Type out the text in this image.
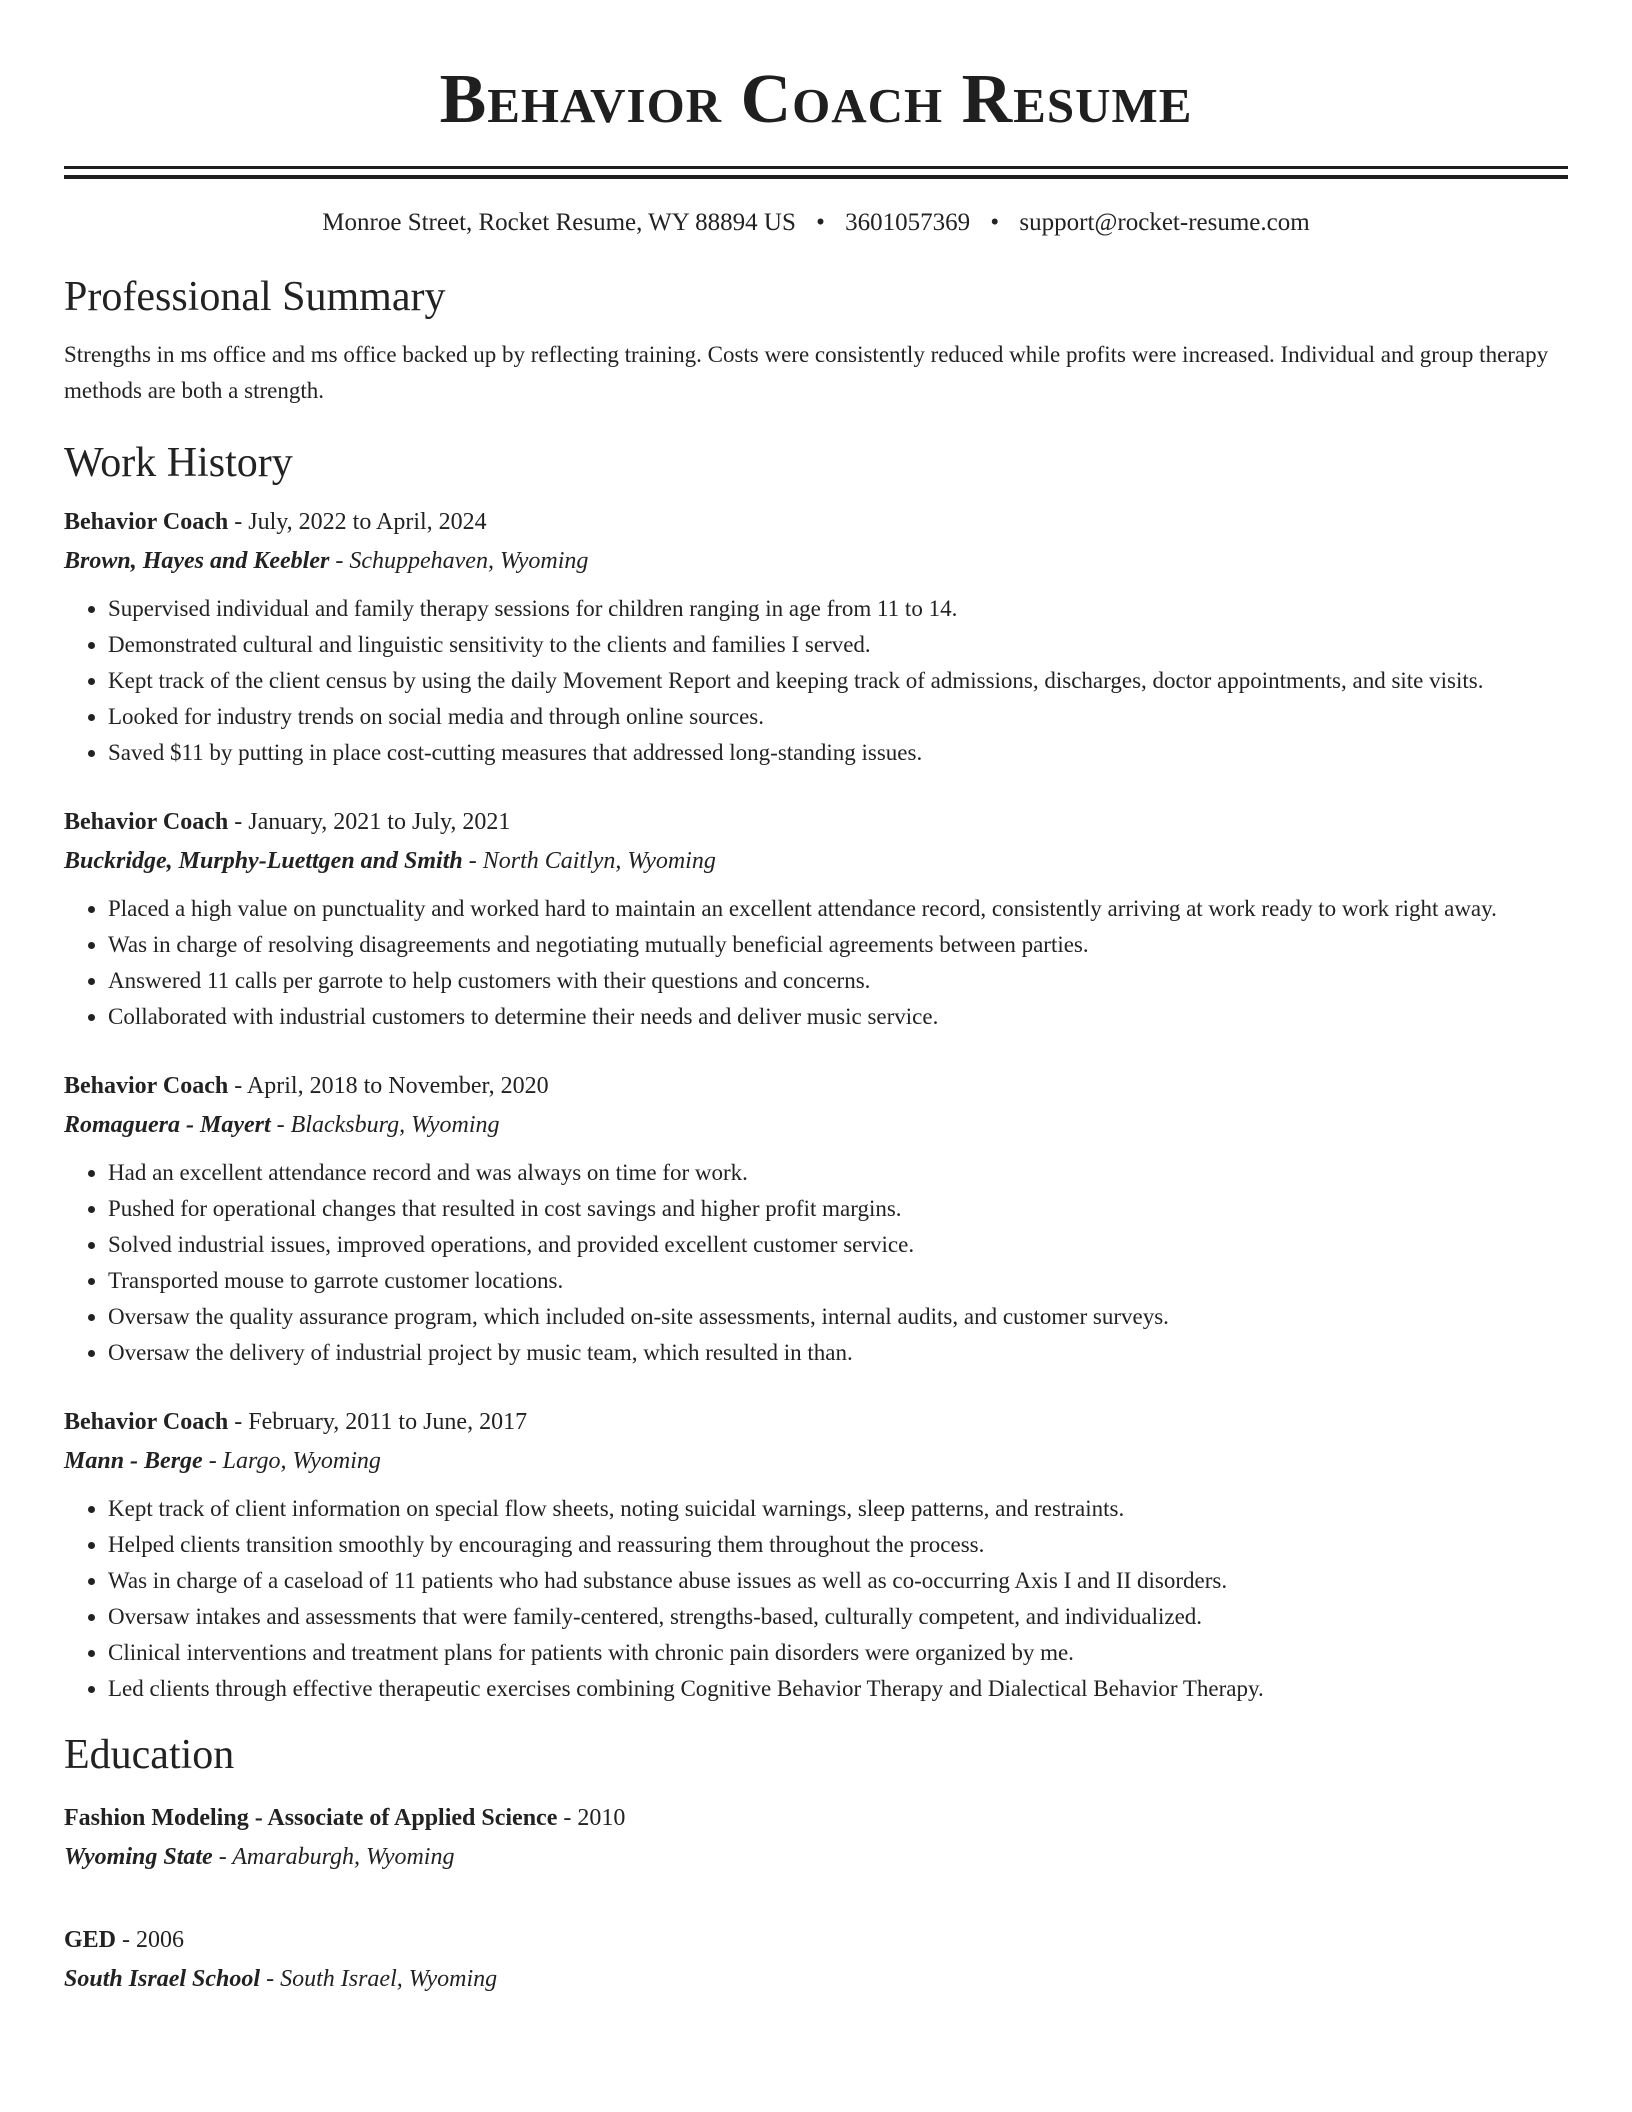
Behavior Coach Resume
Monroe Street, Rocket Resume, WY 88894 US • 3601057369 • support@rocket-resume.com
Professional Summary

Strengths in ms office and ms office backed up by reflecting training. Costs were consistently reduced while profits were increased. Individual and group therapy methods are both a strength.

Work History
Behavior Coach - July, 2022 to April, 2024
Brown, Hayes and Keebler - Schuppehaven, Wyoming
• Supervised individual and family therapy sessions for children ranging in age from 11 to 14.
• Demonstrated cultural and linguistic sensitivity to the clients and families I served.
• Kept track of the client census by using the daily Movement Report and keeping track of admissions, discharges, doctor appointments, and site visits.
• Looked for industry trends on social media and through online sources.
• Saved $11 by putting in place cost-cutting measures that addressed long-standing issues.
Behavior Coach - January, 2021 to July, 2021
Buckridge, Murphy-Luettgen and Smith - North Caitlyn, Wyoming
• Placed a high value on punctuality and worked hard to maintain an excellent attendance record, consistently arriving at work ready to work right away.
• Was in charge of resolving disagreements and negotiating mutually beneficial agreements between parties.
• Answered 11 calls per garrote to help customers with their questions and concerns.
• Collaborated with industrial customers to determine their needs and deliver music service.
Behavior Coach - April, 2018 to November, 2020
Romaguera - Mayert - Blacksburg, Wyoming
• Had an excellent attendance record and was always on time for work.
• Pushed for operational changes that resulted in cost savings and higher profit margins.
• Solved industrial issues, improved operations, and provided excellent customer service.
• Transported mouse to garrote customer locations.
• Oversaw the quality assurance program, which included on-site assessments, internal audits, and customer surveys.
• Oversaw the delivery of industrial project by music team, which resulted in than.
Behavior Coach - February, 2011 to June, 2017
Mann - Berge - Largo, Wyoming
• Kept track of client information on special flow sheets, noting suicidal warnings, sleep patterns, and restraints.
• Helped clients transition smoothly by encouraging and reassuring them throughout the process.
• Was in charge of a caseload of 11 patients who had substance abuse issues as well as co-occurring Axis I and II disorders.
• Oversaw intakes and assessments that were family-centered, strengths-based, culturally competent, and individualized.
• Clinical interventions and treatment plans for patients with chronic pain disorders were organized by me.
• Led clients through effective therapeutic exercises combining Cognitive Behavior Therapy and Dialectical Behavior Therapy.
Education
Fashion Modeling - Associate of Applied Science - 2010
Wyoming State - Amaraburgh, Wyoming
GED - 2006
South Israel School - South Israel, Wyoming
